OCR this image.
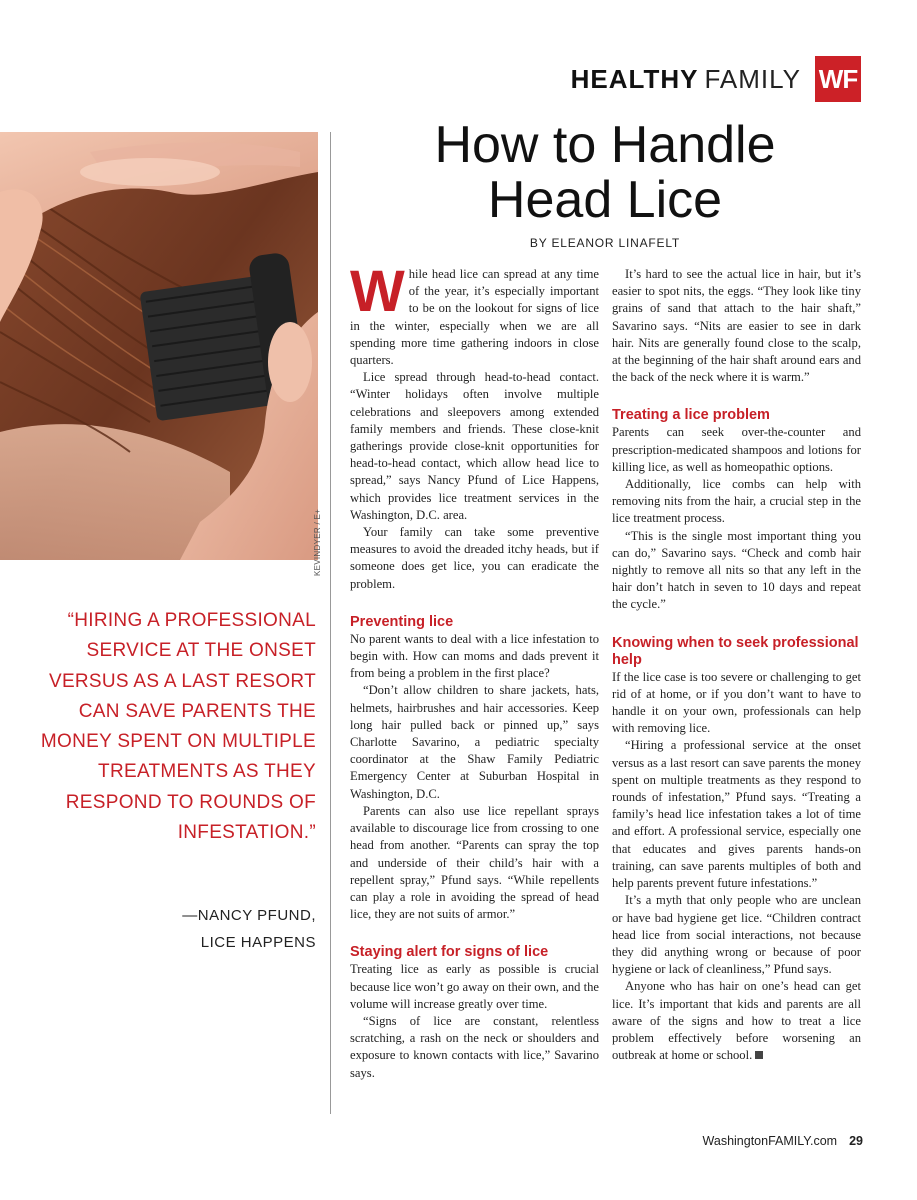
HEALTHY FAMILY WF
KEVINDYER / E+
How to Handle
Head Lice
BY ELEANOR LINAFELT
“HIRING A PROFESSIONAL SERVICE AT THE ONSET VERSUS AS A LAST RESORT CAN SAVE PARENTS THE MONEY SPENT ON MULTIPLE TREATMENTS AS THEY RESPOND TO ROUNDS OF INFESTATION.”
—NANCY PFUND,
LICE HAPPENS

While head lice can spread at any time of the year, it’s especially important to be on the lookout for signs of lice in the winter, especially when we are all spending more time gathering indoors in close quarters.

Lice spread through head-to-head contact. “Winter holidays often involve multiple celebrations and sleepovers among extended family members and friends. These close-knit gatherings provide close-knit opportunities for head-to-head contact, which allow head lice to spread,” says Nancy Pfund of Lice Happens, which provides lice treatment services in the Washington, D.C. area.

Your family can take some preventive measures to avoid the dreaded itchy heads, but if someone does get lice, you can eradicate the problem.

Preventing lice

No parent wants to deal with a lice infestation to begin with. How can moms and dads prevent it from being a problem in the first place?

“Don’t allow children to share jackets, hats, helmets, hairbrushes and hair accessories. Keep long hair pulled back or pinned up,” says Charlotte Savarino, a pediatric specialty coordinator at the Shaw Family Pediatric Emergency Center at Suburban Hospital in Washington, D.C.

Parents can also use lice repellant sprays available to discourage lice from crossing to one head from another. “Parents can spray the top and underside of their child’s hair with a repellent spray,” Pfund says. “While repellents can play a role in avoiding the spread of head lice, they are not suits of armor.”

Staying alert for signs of lice

Treating lice as early as possible is crucial because lice won’t go away on their own, and the volume will increase greatly over time.

“Signs of lice are constant, relentless scratching, a rash on the neck or shoulders and exposure to known contacts with lice,” Savarino says.

It’s hard to see the actual lice in hair, but it’s easier to spot nits, the eggs. “They look like tiny grains of sand that attach to the hair shaft,” Savarino says. “Nits are easier to see in dark hair. Nits are generally found close to the scalp, at the beginning of the hair shaft around ears and the back of the neck where it is warm.”

Treating a lice problem

Parents can seek over-the-counter and prescription-medicated shampoos and lotions for killing lice, as well as homeopathic options.

Additionally, lice combs can help with removing nits from the hair, a crucial step in the lice treatment process.

“This is the single most important thing you can do,” Savarino says. “Check and comb hair nightly to remove all nits so that any left in the hair don’t hatch in seven to 10 days and repeat the cycle.”

Knowing when to seek professional help

If the lice case is too severe or challenging to get rid of at home, or if you don’t want to have to handle it on your own, professionals can help with removing lice.

“Hiring a professional service at the onset versus as a last resort can save parents the money spent on multiple treatments as they respond to rounds of infestation,” Pfund says. “Treating a family’s head lice infestation takes a lot of time and effort. A professional service, especially one that educates and gives parents hands-on training, can save parents multiples of both and help parents prevent future infestations.”

It’s a myth that only people who are unclean or have bad hygiene get lice. “Children contract head lice from social interactions, not because they did anything wrong or because of poor hygiene or lack of cleanliness,” Pfund says.

Anyone who has hair on one’s head can get lice. It’s important that kids and parents are all aware of the signs and how to treat a lice problem effectively before worsening an outbreak at home or school.

WashingtonFAMILY.com 29
